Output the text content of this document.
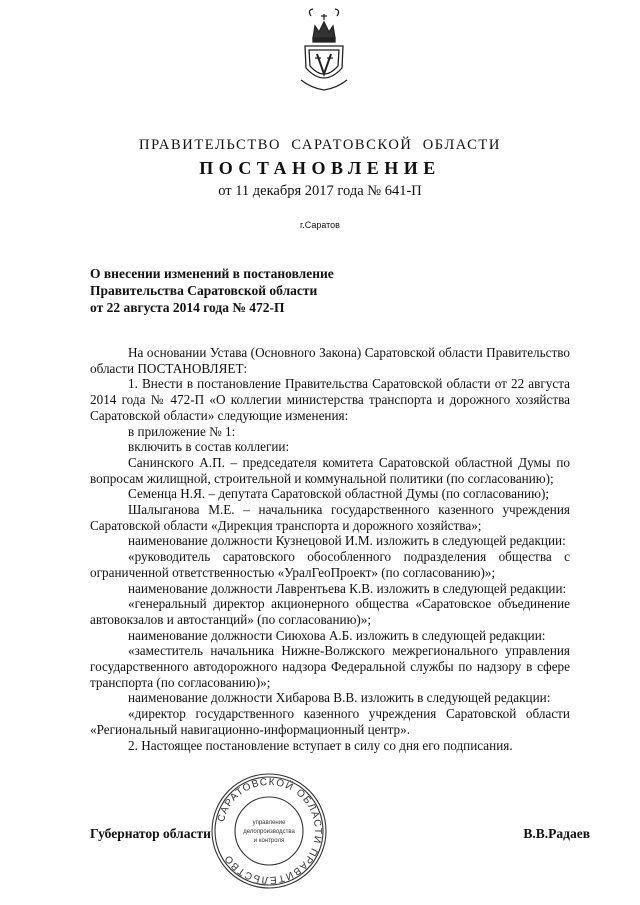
ПРАВИТЕЛЬСТВО САРАТОВСКОЙ ОБЛАСТИ
ПОСТАНОВЛЕНИЕ
от 11 декабря 2017 года № 641-П
г.Саратов
О внесении изменений в постановление
Правительства Саратовской области
от 22 августа 2014 года № 472-П

На основании Устава (Основного Закона) Саратовской области Правительство области ПОСТАНОВЛЯЕТ:

1. Внести в постановление Правительства Саратовской области от 22 августа 2014 года № 472-П «О коллегии министерства транспорта и дорожного хозяйства Саратовской области» следующие изменения:

в приложение № 1:

включить в состав коллегии:

Санинского А.П. – председателя комитета Саратовской областной Думы по вопросам жилищной, строительной и коммунальной политики (по согласованию);

Семенца Н.Я. – депутата Саратовской областной Думы (по согласованию);

Шалыганова М.Е. – начальника государственного казенного учреждения Саратовской области «Дирекция транспорта и дорожного хозяйства»;

наименование должности Кузнецовой И.М. изложить в следующей редакции:

«руководитель саратовского обособленного подразделения общества с ограниченной ответственностью «УралГеоПроект» (по согласованию)»;

наименование должности Лаврентьева К.В. изложить в следующей редакции:

«генеральный директор акционерного общества «Саратовское объединение автовокзалов и автостанций» (по согласованию)»;

наименование должности Сиюхова А.Б. изложить в следующей редакции:

«заместитель начальника Нижне-Волжского межрегионального управления государственного автодорожного надзора Федеральной службы по надзору в сфере транспорта (по согласованию)»;

наименование должности Хибарова В.В. изложить в следующей редакции:

«директор государственного казенного учреждения Саратовской области «Региональный навигационно-информационный центр».

2. Настоящее постановление вступает в силу со дня его подписания.

САРАТОВСКОЙ ОБЛАСТИ ПРАВИТЕЛЬСТВО
управление
делопроизводства
и контроля
Губернатор области	В.В.Радаев
